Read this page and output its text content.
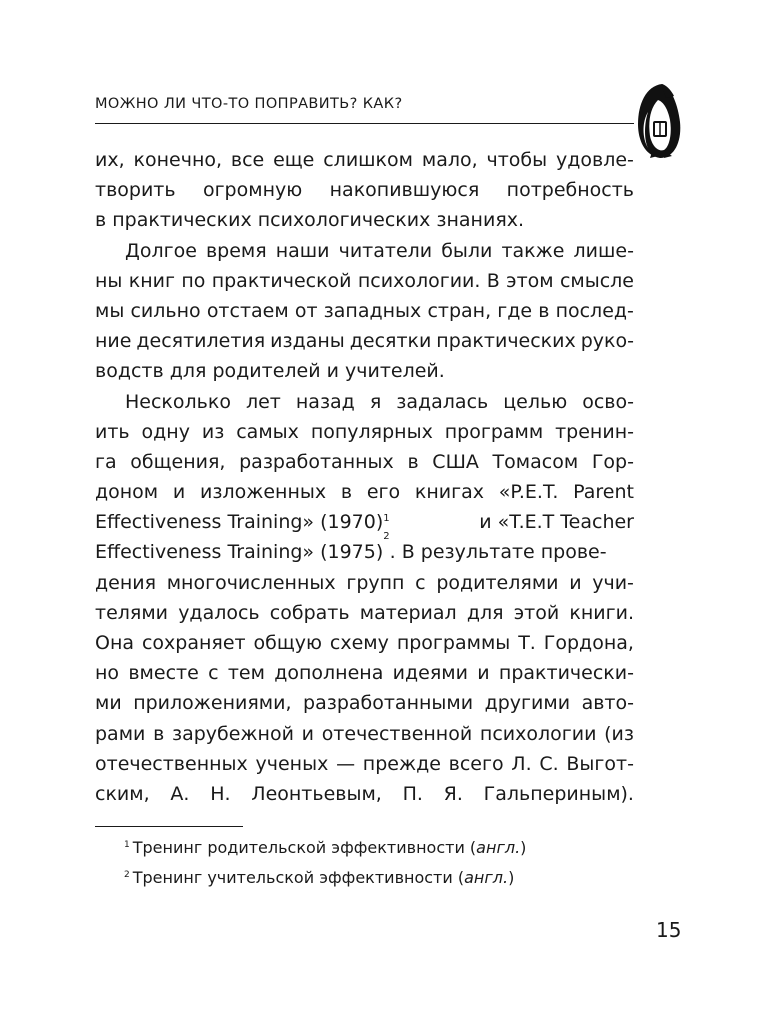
МОЖНО ЛИ ЧТО-ТО ПОПРАВИТЬ? КАК?
их, конечно, все еще слишком мало, чтобы удовле-
творить огромную накопившуюся потребность
в практических психологических знаниях.
Долгое время наши читатели были также лише-
ны книг по практической психологии. В этом смысле
мы сильно отстаем от западных стран, где в послед-
ние десятилетия изданы десятки практических руко-
водств для родителей и учителей.
Несколько лет назад я задалась целью осво-
ить одну из самых популярных программ тренин-
га общения, разработанных в США Томасом Гор-
доном и изложенных в его книгах «P.E.T. Parent
Effectiveness Training» $(1970)^1$	и «T.E.T Teacher
Effectiveness Training» (1975)
2
. В результате прове-
дения многочисленных групп с родителями и учи-
телями удалось собрать материал для этой книги.
Она сохраняет общую схему программы Т. Гордона,
но вместе с тем дополнена идеями и практически-
ми приложениями, разработанными другими авто-
рами в зарубежной и отечественной психологии (из
отечественных ученых — прежде всего Л. С. Выгот-
ским, А. Н. Леонтьевым, П. Я. Гальпериным).
$^1$ Тренинг родительской эффективности (англ.)
$^2$ Тренинг учительской эффективности (англ.)
15
